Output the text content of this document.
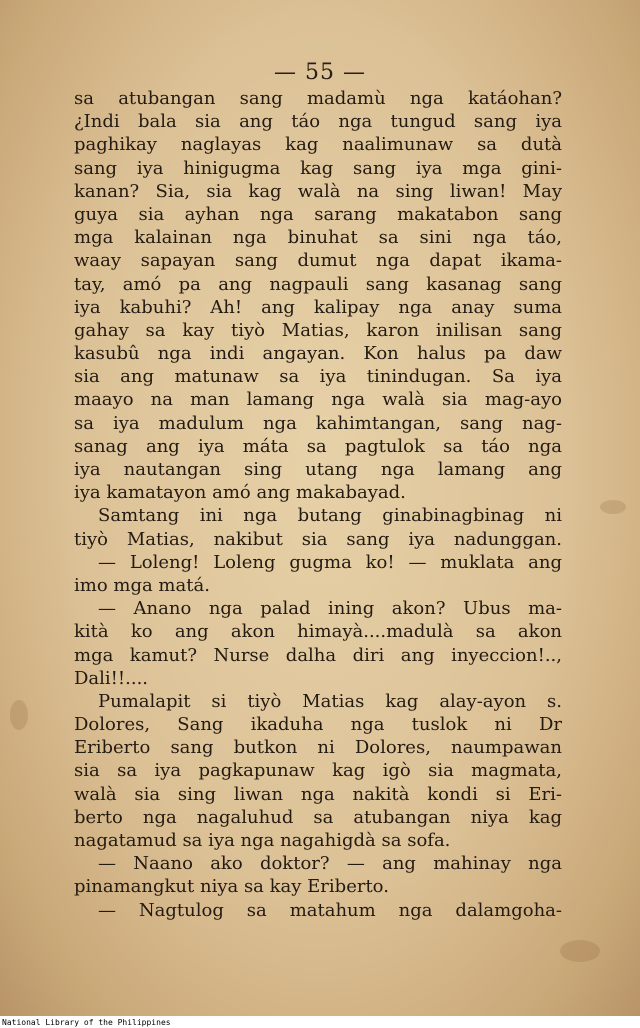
— 55 —
sa atubangan sang madamù nga katáohan?
¿Indi bala sia ang táo nga tungud sang iya
paghikay naglayas kag naalimunaw sa dutà
sang iya hinigugma kag sang iya mga gini-
kanan? Sia, sia kag walà na sing liwan! May
guya sia ayhan nga sarang makatabon sang
mga kalainan nga binuhat sa sini nga táo,
waay sapayan sang dumut nga dapat ikama-
tay, amó pa ang nagpauli sang kasanag sang
iya kabuhi? Ah! ang kalipay nga anay suma
gahay sa kay tiyò Matias, karon inilisan sang
kasubû nga indi angayan. Kon halus pa daw
sia ang matunaw sa iya tinindugan. Sa iya
maayo na man lamang nga walà sia mag-ayo
sa iya madulum nga kahimtangan, sang nag-
sanag ang iya máta sa pagtulok sa táo nga
iya nautangan sing utang nga lamang ang
iya kamatayon amó ang makabayad.
Samtang ini nga butang ginabinagbinag ni
tiyò Matias, nakibut sia sang iya nadunggan.
— Loleng! Loleng gugma ko! — muklata ang
imo mga matá.
— Anano nga palad ining akon? Ubus ma-
kità ko ang akon himayà....madulà sa akon
mga kamut? Nurse dalha diri ang inyeccion!..,
Dali!!....
Pumalapit si tiyò Matias kag alay-ayon s.
Dolores, Sang ikaduha nga tuslok ni Dr
Eriberto sang butkon ni Dolores, naumpawan
sia sa iya pagkapunaw kag igò sia magmata,
walà sia sing liwan nga nakità kondi si Eri-
berto nga nagaluhud sa atubangan niya kag
nagatamud sa iya nga nagahigdà sa sofa.
— Naano ako doktor? — ang mahinay nga
pinamangkut niya sa kay Eriberto.
— Nagtulog sa matahum nga dalamgoha-
National Library of the Philippines
